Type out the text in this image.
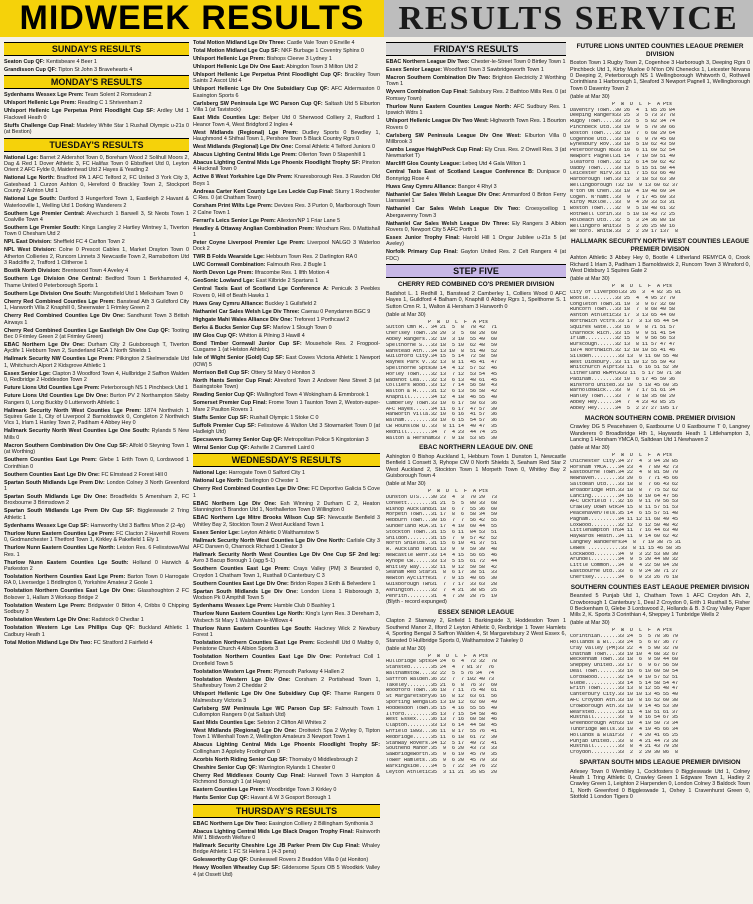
MIDWEEK RESULTS RESULTS SERVICE
SUNDAY'S RESULTS
Seaton Cup QF: Kentisbeare 4 Beer 1
Grandisson Cup QF: Tipton St John 3 Bravehearts 4
MONDAY'S RESULTS
Sydenhams Wessex Lge Prem: Team Solent 2 Romsdean 2
Uhlsport Hellenic Lge Prem: Reading C 1 Shrivenham 2
Uhlsport Hellenic Lge Perpetua Print Floodlight Cup SF: Ardley Utd 1 Flackwell Heath 0
Stuffs Challenge Cup Final: Madeley White Star 1 Rushall Olympic u-21s 0 (at Bestion)
TUESDAY'S RESULTS
National Lge: Barnet 2 Aldershot Town 0, Boreham Wood 2 Solihull Moors 2, Dag & Red 1 Dover Athletic 3, FC Halifax Town 0 Ebbsfleet Utd 0, Leyton Orient 2 AFC Fylde 0, Maidenhead Utd 2 Hayes & Yeading 2
National Lge North: Bradford PA 1 AFC Telford 2, FC United 3 York City 3, Gateshead 1 Curzon Ashton 0, Hereford 0 Brackley Town 2, Stockport County 2 Ashton Utd 1
National Lge South: Dartford 3 Hungerford Town 1, Eastleigh 2 Havant & Waterlooville 1, Welling Utd 1 Dorking Wanderers 2
Southern Lge Premier Central: Alvechurch 1 Barwell 3, St Neots Town 1 Coalville Town 4
Southern Lge Premier South: Kings Langley 2 Hartley Wintney 1, Tiverton Town 0 Chesham Utd 2
NPL East Division: Sheffield FC 4 Carlton Town 2
NPL West Division: Colne 0 Prescot Cables 1, Market Drayton Town 0 Atherton Collieries 2, Runcorn Linnets 3 Newcastle Town 2, Ramsbottom Utd 3 Radcliffe 2, Trafford 1 Clitheroe 1
Bostik North Division: Brentwood Town 4 Aveley 4
Southern Lge Division One Central: Bedford Town 1 Berkhamsted 4, Thame United 0 Peterborough Sports 1
Southern Lge Division One South: Mangotsfield Utd 1 Melksham Town 0
Cherry Red Combined Counties Lge Prem: Banstead Ath 3 Guildford City 1, Hanworth Villa 2 Knaphill 0, Sheerwater 1 Frimley Green 2
Cherry Red Combined Counties Lge Div One: Sandhurst Town 3 British Airways 1
Cherry Red Combined Counties Lge Eastleigh Div One Cup QF: Tooting Bec 0 Frimley Green 2 (at Frimley Green)
EBAC Northern Lge Div One: Durham City 2 Guisborough T, Tiverton Ayclife 1 Hebburn Town 2, Sunderland RCA 1 North Shields 1
Hallmark Security NW Counties Lge Prem: Pilkington 2 Skelmersdale Utd 1, Whitchurch Alport 2 Kidsgrove Athletic 1
Essex Senior Lge: Clapton 3 Woodford Town 4, Hullbridge 2 Saffron Walden 0, Redbridge 2 Hoddesdon Town 2
Future Lions Utd Counties Lge Prem: Peterborough NS 1 Pinchbeck Utd 1
Future Lions Utd Counties Lge Div One: Burton PV 2 Northampton Sileby Rangers 0, Long Buckby 0 Lutterworth Athletic 1
Hallmark Security North West Counties Lge Prem: 1874 Northwich 1 Squires Gate 1, City of Liverpool 2 Barnoldswick 0, Congleton 2 Northwich Vics 1, Irlam 1 Hanley Town 2, Padiham 4 Abbey Hey 0
Hallmark Security North West Counties Lge One South: Rylands 5 New Mills 0
Macron Southern Combination Div One Cup SF: Alfold 0 Steyning Town 1 (at Worthing)
Southern Counties East Lge Prem: Glebe 1 Erith Town 0, Lordswood 1 Corinthian 0
Southern Counties East Lge Div One: FC Elmstead 2 Forest Hill 0
Spartan South Midlands Lge Prem Div: London Colney 3 North Greenford 1
Spartan South Midlands Lge Div One: Broadfields 5 Amersham 2, FC Broxbourne 3 Brimsdown 2
Spartan South Midlands Lge Prem Div Cup SF: Biggleswade 2 Tring Athletic 1
Sydenhams Wessex Lge Cup SF: Hamworthy Utd 3 Baffins M'ton 2 (2-4p)
Thurlow Nunn Eastern Counties Lge Prem: FC Clacton 2 Haverhill Rovers 0, Godmanchester 1 Thetford Town 1, Kirkley & Pakefield 1 Ely 1
Thurlow Nunn Eastern Counties Lge North: Leiston Res. 6 Felixstowe/Wal Res. 1
Thurlow Nunn Eastern Counties Lge South: Holland 0 Harwich & Parkeston 2
Toolstation Northern Counties East Lge Prem: Barton Town 0 Harrogate RA 0, Liversedge 1 Bridlington 0, Yorkshire Amateur 2 Goole 1
Toolstation Northern Counties East Lge Div One: Glasshoughton 2 FC Bolsover 1, Hallam 3 Worksop Bridge 2
Toolstation Western Lge Prem: Bridgwater 0 Bitton 4, Cribbs 0 Chipping Sodbury 3
Toolstation Western Lge Div One: Radstock 0 Chedtar 1
Toolstation Western Lge Les Phillips Cup QF: Buckland Athletic 1 Cadbury Heath 1
Total Motion Midland Lge Div Two: FC Stratford 2 Fairfield 4
Total Motion Midland Lge Div Three: Castle Vale Town 0 Enville 4
Total Motion Midland Lge Cup SF: NKF Burbage 1 Coventry Sphinx 0
Uhlsport Hellenic Lge Prem: Bishops Cleeve 3 Lydney 1
Uhlsport Hellenic Lge Div One East: Abingdon Town 3 Milton Utd 2
Uhlsport Hellenic Lge Perpetua Print Floodlight Cup QF: Brackley Town Saints 2 Ascot Utd 4
Uhlsport Hellenic Lge Div One Subsidiary Cup QF: AFC Aldermaston 0 Easington Sports 6
Carlsberg SW Peninsula Lge WC Parson Cup QF: Saltash Utd 5 Elburton Villa 1 (at Tavistock)
East Mids Counties Lge: Belper Utd 0 Sherwood Colliery 2, Radford 1 Heanor Town 4, West Bridgford 2 Ingles 4
West Midlands (Regional) Lge Prem: Dudley Sports 0 Bewdley 1, Haughmond 4 Shifnal Town 1, Pershore Town 5 Black Country Rgrs 0
West Midlands (Regional) Lge Div One: Cornal Athletic 4 Telford Juniors 0
Abacus Lighting Central Mids Lge Prem: Ollerton Town 0 Stapenhill 1
Abacus Lighting Central Mids Lge Phoenix Floodlight Trophy SF: Pinxton 4 Hucknall Town 0
Active 8 West Yorkshire Lge Div Prem: Knaresborough Res. 3 Rawdon Old Boys 1
Andreas Carter Kent County Lge Les Leckie Cup Final: Sturry 1 Rochester C Res. 0 (at Chatham Town)
Corsham Print Wilts Lge Prem: Devizes Res. 3 Purton 0, Marlborough Town 2 Calne Town 1
Ferrari's Leics Senior Lge Prem: Allexton/NP 1 Friar Lane 5
Headley & Ottaway Anglian Combination Prem: Wroxham Res. 0 Mattishall 1
Peter Coyne Liverpool Premier Lge Prem: Liverpool NALGO 3 Waterloo Dock 2
TWR B Folds Wearside Lge: Hebburn Town Res. 2 Darlington RA 0
LWC Cornwall Combination: Falmouth Res. 2 Bugle 1
North Devon Lge Prem: Ilfracombe Res. 1 Ilfth Motion 4
GeoSonic Lowland Lge: East Kilbride 2 Spartans 1
Central Taxis East of Scotland Lge Conference A: Penicuik 3 Peebles Rovers 0, Hill of Beath Hawks 1
Huws Gray Cymru Alliance: Buckley 1 Guilsfield 2
Nathaniel Car Sales Welsh Lge Div Three: Caerau 0 Penydarren BGC 9
Highgate Mahi Wales Alliance Div One: Treforest 1 Porthcawl 2
Berks & Bucks Senior Cup SF: Marlow 1 Slough Town 0
IIW Glos Cup QF: Whitton & Pilning 3 Hawill 4
Bond Timber Cornwall Junior Cup SF: Mousehole Res. 2 Frogpool-Cusgarne 1 (at Helston Athletic)
Isle of Wight Senior (Gold) Cup SF: East Cowes Victoria Athletic 1 Newport (IOW) 5
Morrison Bell Cup SF: Ottery St Mary 0 Honiton 3
North Hants Senior Cup Final: Alresford Town 2 Andover New Street 3 (at Basingstoke Town)
Reading Senior Cup QF: Wallingford Town 4 Wokingham & Emmbrook 1
Somerset Premier Cup Final: Frome Town 1 Taunton Town 2, Weston-super-Mare 2 Paulton Rovers 1
Staffs Senior Cup SF: Rushall Olympic 1 Stoke C 0
Suffolk Premier Cup SF: Felixstowe & Walton Utd 3 Stowmarket Town 0 (at Hadleigh Utd)
Specsavers Surrey Senior Cup QF: Metropolitan Police 5 Kingstonian 3
Wirral Senior Cup QF: Ashville 2 Cammell Laird 0
WEDNESDAY'S RESULTS
National Lge: Harrogate Town 0 Salford City 1
National Lge North: Darlington 0 Chester 1
Cherry Red Combined Counties Lge Div One: FC Deportivo Galicia 5 Cove 1
EBAC Northern Lge Div One: Esh Winning 2 Durham C 2, Heaton Stannington 5 Brandon Utd 1, Northallerton Town 0 Willington 0
EBAC Northern Lge Mitre Brooks Wilson Cup SF: Newcastle Benfield 3 Whitley Bay 2, Stockton Town 2 West Auckland Town 1
Essex Senior Lge: Leyton Athletic 0 Walthamstow 5
Hallmark Security North West Counties Lge Div One North: Carlisle City 3 AFC Darwen 0, Charnock Richard 1 Cleator 3
Hallmark Security North West Counties Lge Div One Cup SF 2nd leg: Avro 3 Bacup Borough 1 (agg 5-1)
Southern Counties East Lge Prem: Crays Valley (PM) 3 Bearsted 0, Croydon 1 Chatham Town 1, Rusthall 0 Canterbury C 3
Southern Counties East Lge Div One: Bridon Ropes 3 Erith & Belvedere 1
Spartan South Midlands Lge Div One: London Lions 1 Risborough 3, Wodson Pk 0 Ampthill Town 5
Sydenhams Wessex Lge Prem: Hamble Club 0 Bashley 1
Thurlow Nunn Eastern Counties Lge North: King's Lynn Res. 3 Dereham 3, Wisbech St Mary 1 Walsham-le-Willows 4
Thurlow Nunn Eastern Counties Lge South: Hackney Wick 2 Newbury Forest 1
Toolstation Northern Counties East Lge Prem: Eccleshill Utd 0 Maltby 0, Penistone Church 4 Albion Sports 3
Toolstation Northern Counties East Lge Div One: Pontefract Coll 1 Dronfield Town 5
Toolstation Western Lge Prem: Plymouth Parkway 4 Hallen 2
Toolstation Western Lge Div One: Corsham 2 Portishead Town 1, Shaftesbury Town 2 Cheddar 2
Uhlsport Hellenic Lge Div One Subsidiary Cup QF: Thame Rangers 0 Malmesbury Victoria 3
Carlsberg SW Peninsula Lge WC Parson Cup SF: Falmouth Town 1 Cullompton Rangers 0 (at Saltash Utd)
East Mids Counties Lge: Selston 2 Clifton All Whites 2
West Midlands (Regional) Lge Div One: Droitwich Spa 2 Wyrley 0, Tipton Town 1 Willenhall Town 2, Wellington Amateurs 3 Newport Town 1
Abacus Lighting Central Mids Lge Phoenix Floodlight Trophy SF: Collingham 3 Appleby Frodingham 0
Acorbis North Riding Senior Cup SF: Thornaby 0 Middlesbrough 2
Cheshire Senior Cup QF: Warrington Rylands 1 Chester 0
Cherry Red Middlesex County Cup Final: Hanwell Town 3 Hampton & Richmond Borough 1 (at Hayes)
Eastern Counties Lge Prem: Woodbridge Town 3 Kirkley 0
Hants Senior Cup QF: Havant & W 3 Gosport Borough 1
THURSDAY'S RESULTS
EBAC Northern Lge Div Two: Easington Colliery 2 Billingham Synthonia 3
Abacus Lighting Central Mids Lge Black Dragon Trophy Final: Rainworth MW 1 Blidworth Welfare 0
Hallmark Security Cheshire Lge JB Parker Prem Div Cup Final: Whaley Bridge Athletic 1 FC St Helens 1 (4-3 pens)
Golesworthy Cup QF: Dunkeswell Rovers 2 Braddon Villa 0 (at Honiton)
Heavy Woollen Wheatley Cup SF: Gildersome Spurs OB 5 Woodkirk Valley 4 (at Ossett Utd)
FRIDAY'S RESULTS
EBAC Northern League Div Two: Chester-le-Street Town 0 Birtley Town 1
Essex Senior League: Woodford Town 3 Sawbridgeworth Town 1
Macron Southern Combination Div Two: Brighton Electricity 2 Worthing Town 1
Wyvern Combination Cup Final: Salisbury Res. 2 Bathtoo Mills Res. 0 (at Romsey Town)
Thurlow Nunn Eastern Counties League North: AFC Sudbury Res. 1 Ipswich Wdrs 1
Uhlsport Hellenic League Div Two West: Highworth Town Res. 1 Bourton Rovers 0
Carlsberg SW Peninsula League Div One West: Elburton Villa 0 Millbrook 3
Cambs League Haigh/Peck Cup Final: Ely Crus. Res. 2 Orwell Res. 3 (at Newmarket T)
Marcliff Glos County League: Lebeq Utd 4 Gala Wilton 1
Central Taxis East of Scotland League Conference B: Dunipace 0 Bonnyrigg Rose 4
Huws Gray Cymru Alliance: Bangor 4 Rhyl 3
Nathaniel Car Sales Welsh League Div One: Ammanford 0 Briton Ferry Llansawel 1
Nathaniel Car Sales Welsh League Div Two: Croesyceiliog 1 Abergavenny Town 3
Nathaniel Car Sales Welsh League Div Three: Ely Rangers 3 Albion Rovers 0, Newport City 5 AFC Porth 1
Essex Junior Trophy Final: Harold Hill 1 Ongar Jubilee u-21s 5 (at Aveley)
Norfolk Primary Cup Final: Gayton United Res. 2 Celt Rangers 4 (at FDC)
STEP FIVE
CHERRY RED COMBINED CO'S PREMIER DIVISION
Badshot L. 1 Redhill 1, Banstead 2 Camberley 1, Colliers Wood 0 AFC Hayes 1, Guildford 4 Balham 0, Knaphill 0 Abbey Rgrs 1, Spelthorne S. 1 Sutton Cmn R. 1, Walton & Hersham 3 Hanworth 0
(table at Mar 30)
P  W  D  L  F  A Pts
Sutton Cmn R.. 34 21  5  8  78 42  71
Cherlsey Town..28 20  3  5  68 28  60
Abbey Rangers..32 19  3 10  55 49  60
Spelthorne S...33 18  5 10  62 48  59
Banstead Ath...34 13 10  8  51 40  52
Guildford City.34 15  5 14  72 58  50
Raynes Park V..32 13  8 11  45 41  47
Spelthorne Spts30 14  4 12  57 52  46
Horley Town....32 13  7 12  53 54  45
Badshot Lea....32 13  6 13  48 61  45
Colliers Wood..33 12  7 14  56 50  43
Walton & H.....31 12  6 13  56 58  42
Knaphill.......34 12  4 18  46 55  40
Camberley Town.33 10  6 17  50 63  36
AFC Hayes......34 11  6 17  47 57  39
Hanworth Villa.32 10  6 16  41 57  36
Balham.........33 10  6 15  54 57  36
CB Hounslow U..33  8 11 14  40 47  35
Redhill........34  7  4 23  44 74  25
Walton & Hersham33 7  9 18  53 85  30
EBAC NORTHERN LEAGUE DIV. ONE
Ashington 0 Bishop Auckland 1, Hebburn Town 1 Dunston 1, Newcastle Benfield 1 Consett 3, Ryhope CW 0 North Shields 3, Seaham Red Star 2 West Auckland 2, Stockton Town 1 Morpeth Town 0, Whitley Bay 2 Guisborough Town 4
(table at Mar 30)
P  W  D  L  F  A Pts
Dunston UTS....30 23  4  3  70 29  73
Consett........31 21  5  5  80 33  68
Bishop Auckland31 18  6  7  55 36  60
Morpeth Town...31 17  8  6  58 34  59
Hebburn Town...30 16  7  7  56 42  55
Sunderland RCA.31 17  4 10  60 44  55
Stockton Town..31 15  6 11  84 53  51
Shildon........31 15  7  9  57 42  52
North Shields..31 15  6 10  41 37  51
W. Auckland Twn31 13  9  9  59 39  48
Newcastle Benf.33 14  4 15  56 65  46
Ryhope CW......33 13  5 15  61 72  44
Whitley Bay....32 11  9 12  50 58  42
Seaham Red Star31  8  6 17  38 51  33
Newton Aycliffe31  7  9 15  40 65  30
Guisborough Twn31  7  7 17  33 63  28
Ashington......32  7  4 21  38 85  25
Penrith........31  4  7 20  28 75  19
(Blyth - record expunged)
ESSEX SENIOR LEAGUE
Clapton 2 Stanway 2, Enfield 1 Barkingside 3, Hoddesdon Town 1 Southend Manor 2, Ilford 2 Leyton Athletic 0, Redbridge 1 Tower Hamlets 4, Sporting Bengal 3 Saffron Walden 4, St Margaretsbury 2 West Essex 6, Stansted 0 Hullbridge Sports 0, Walthamstow 2 Takeley 0
(table at Mar 30)
P  W  D  L  F  A Pts
Hullbridge Spts34 24  6  4  72 32  78
Stansted.......35 24  4  7 81 37  76
Walthamstow....32 22  5  5 76 34  74
Saffron Walden.36 22  7  7 102 40 73
Takeley........35 21  6  8  76 37  69
Woodford Town..36 18  7 11  75 48  61
St Margaretsbry36 16  8 12  63 61  56
Sporting Bengal35 13 10 12  62 60  49
Hoddesdon Town.35 15  4 16  55 55  49
Ilford.........35 13  7 15  54 58  46
West Essex.....36 13  7 16  60 58  46
Clapton........33 13  6 14  44 58  45
Enfield 1893...36 11  8 17  55 76  41
Redbridge......35 11  6 18  61 72  39
Stanway Rovers.34 12  5 17  49 72  41
Southend Manor.35  9  6 20  43 73  33
Sawbridgeworth.35  9  6 19  45 79  35
Tower Hamlets..35  9  6 20  45 79  33
Barkingside....34  5  7 22  34 76  22
Leyton Athletic35  3 11 21  35 85  20
FUTURE LIONS UNITED COUNTIES LEAGUE PREMIER DIVISION
Boston Town 1 Rugby Town 2, Cogenhoe 3 Harborough 3, Deeping Rgrs 0 Pinchbeck Utd 1, Kirby Muxloe 0 N'ton ON Chenecks 1, Leicester Nirvana 0 Deeping 2, Peterborough NS 1 Wellingborough Whitworth 0, Rothwell Corinthians 1 Harborough 1, Sleaford 3 Newport Pagnell 1, Wellingborough Town 0 Daventry Town 2
(table at Mar 30)
P  W  D  L  F  A Pts
Daventry Town..30 26  4  1 85 26 84
Deeping Rangers33 25  3  5 73 37 78
Rugby Town.....33 23  5  5 82 34 74
Pinchbeck Utd..33 19  9  5 70 39 66
Boston Town....32 19  7  6 68 29 64
Cogenhoe Utd...33 18  6  9 79 45 60
Eynesbury Rov..33 18  5 10 62 43 59
Peterborough NS33 16  6 11 69 52 54
Newport Pagnell31 14  7 10 59 51 49
Sleaford Town..32 12  6 14 59 62 42
Oadby Town.....33 13  5 15 51 50 44
Leicester Nirv.33 11  7 15 63 66 40
Harborough Twn.33 12  3 18 53 63 39
Wellingborough T32 10  9 13 60 62 37
N'ton ON Chen..33 10  4 19 48 69 34
Cogen. N'hamt..33  9  7 17 45 69 33
Kirby Muxloe...33  9  4 20 33 53 31
Boston Town....32  9  5 18 48 61 32
Rothwell Corin.33  5 10 18 43 72 25
Holbeach Utd...32  5  3 24 36 80 18
Wellingbro Whit33  5  2 26 25 80 16
We'boro. Whitw.33  2  2 29 17 137  8
HALLMARK SECURITY NORTH WEST COUNTIES LEAGUE PREMIER DIVISION
Ashton Athletic 3 Abbey Hey 0, Bootle 4 Litherland REMYCA 0, Crook Richard 1 Irlam 3, Padiham 1 Barnoldswick 2, Runcorn Town 3 Winsford 0, West Didsbury 1 Squires Gate 2
(table at Mar 30)
P  W  D  L  F  A Pts
City of Liverpool33 26  3  4 82 35 81
Bootle.........33 25  4  4 95 27 79
Congleton Town.31 19  3  9 67 32 60
Runcorn Town...33 18  7  8 68 40 58
Ashton Athletic33 17  3 13 65 44 60
Northwich Vctrs.33 17  3 13 65 44 54
Squires Gate...33 16  9  8 71 51 57
Charnock Rich..33 15  9  9 51 41 54
Irlam..........32 15  8  9 56 56 53
Burscough......32 13  8 11 57 47 47
1874 Northwich.32 12 10 10 55 41 46
Silsden.........33 13  9 11 60 55 48
West Didsbury..33 11 10 12 55 59 43
Whitchurch Alprt33 11  6 16 51 52 39
Litherland REMYCA33 11  5 17 50 71 38
Padiham........33 10  6 17 45 59 36
Winsford United.33 10  5 18 45 60 35
Barnoldswick...33  9  7 17 51 61 34
Hanley Town....33  7  8 18 35 68 29
Abbey Hey......34  7  4 23 43 85 25
Abbey Hey......34  5  2 27 27 105 17
MACRON SOUTHERN COMB. PREMIER DIVISION
Crawley DG 5 Peacehaven 0, Eastbourne U 0 Eastbourne T 0, Langney Wanderers 0 Broadbridge Hth 1, Haywards Heath 1 Littlehampton 3, Lancing 1 Horsham YMCA 0, Saltdean Utd 1 Newhaven 2
(table at Mar 30)
P  W  D  L  F  A Pts
Chichester City.34 27  4  3 94 28 85
Horsham YMCA....34 23  4  7 89 42 73
Eastbourne Town.34 22  4  8 81 50 70
Newhaven........33 20  6  7 71 45 66
Saltdean Utd....33 18  8  7 66 43 62
Broadbridge Hth.33 18  8  7 75 52 62
Lancing.........34 16  8 10 64 47 56
AFC Uckfield T..32 16  9 11 79 56 53
Crawley Down Gtk34 15  8 11 57 51 53
Peacehaven/Tels.35 14  6 15 57 51 48
Pagham..........34 11 12 11 68 49 45
Loxwood.........32 12  6 12 50 48 42
Littlehampton Tn34 11  7 16 44 63 40
Haywards Heath..34 11  9 14 60 62 42
Langney Wanderers34  8  7 19 38 75 31
Lewes ...........33  8 11 15 46 58 35
Lockwood........34  9  3 22 53 80 30
Arundel.........34  9  5 20 44 80 32
Little Common...34  8  4 22 50 84 28
Eastbourne Utd..33  6  9 24 30 71 27
Chertsey........34  6  9 23 26 76 18
SOUTHERN COUNTIES EAST LEAGUE PREMIER DIVISION
Bearsted 5 Punjab Utd 1, Chatham Town 1 AFC Croydon Ath. 2, Crowborough 1 Canterbury 1, Deal 2 Croydon 0, Erith 1 Rusthall 5, Fisher 0 Beckenham 0, Glebe 3 Lordswood 2, Hollands & B. 3 Cray Valley Paper Mills 2, K. Sports 3 Corinthian 4, Sheppey 1 Tunbridge Wells 2
(table at Mar 30)
P  W  D  L  F  A Pts
Corinthian......33 24  5  5 78 36 79
Hollands & Bl...33 24  5  6 87 36 77
Cray Valley (PM)33 22  4  5 90 32 70
Chatham Town....33 19 10  4 68 32 67
Beckenham Town..33 18  6  9 59 44 60
Sheppey United..33 17  6  9 67 56 59
Deal Town.......33 16  6 10 60 50 54
Lordswood.......32 14  9 10 57 52 51
Glebe...........33 14  5 14 58 54 47
Erith Town......33 13  8 12 55 48 47
Canterbury City.33 10 10 13 45 55 40
AFC Croydon Ath.33 10  8 16 52 60 38
Crowborough Ath.33 10  9 14 45 53 39
Bearsted........33 11  4 18 51 61 37
Rusthall........33  9  8 16 54 67 35
Greenborough Ath33 10  4 19 50 73 34
Tunbridge Wells.33 10  4 19 45 66 34
Hollands & Blair33  7  4 20 41 65 25
Punjab United...33  8  4 21 44 73 28
Rusthall........33  8  4 21 43 79 28
Croydon.........33  2  2 29 30 86  8
SPARTAN SOUTH MIDS LEAGUE PREMIER DIVISION
Arlesey Town 0 Wembley 1, Cockfosters 0 Biggleswade Utd 1, Colney Heath 1 Tring Athletic 0, Crawley Green 1 Edgware Town 1, Hadley 2 Crawley Green 1, Leighton 2 Harpenden 0, London Colney 3 Baldock Town 1, North Greenford 0 Biggleswade 1, Oxhey 1 Cravenhurst Green 0, Stotfold 1 London Tigers 0
